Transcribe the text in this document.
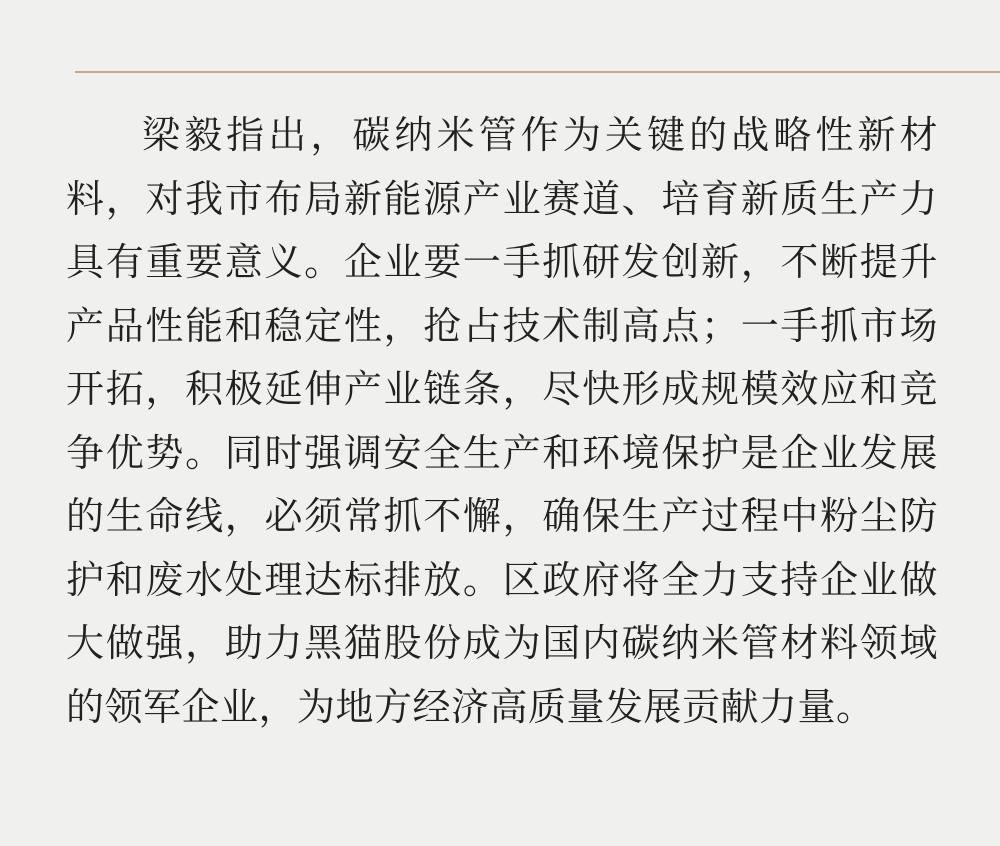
梁毅指出，碳纳米管作为关键的战略性新材料，对我市布局新能源产业赛道、培育新质生产力具有重要意义。企业要一手抓研发创新，不断提升产品性能和稳定性，抢占技术制高点；一手抓市场开拓，积极延伸产业链条，尽快形成规模效应和竞争优势。同时强调安全生产和环境保护是企业发展的生命线，必须常抓不懈，确保生产过程中粉尘防护和废水处理达标排放。区政府将全力支持企业做大做强，助力黑猫股份成为国内碳纳米管材料领域的领军企业，为地方经济高质量发展贡献力量。
